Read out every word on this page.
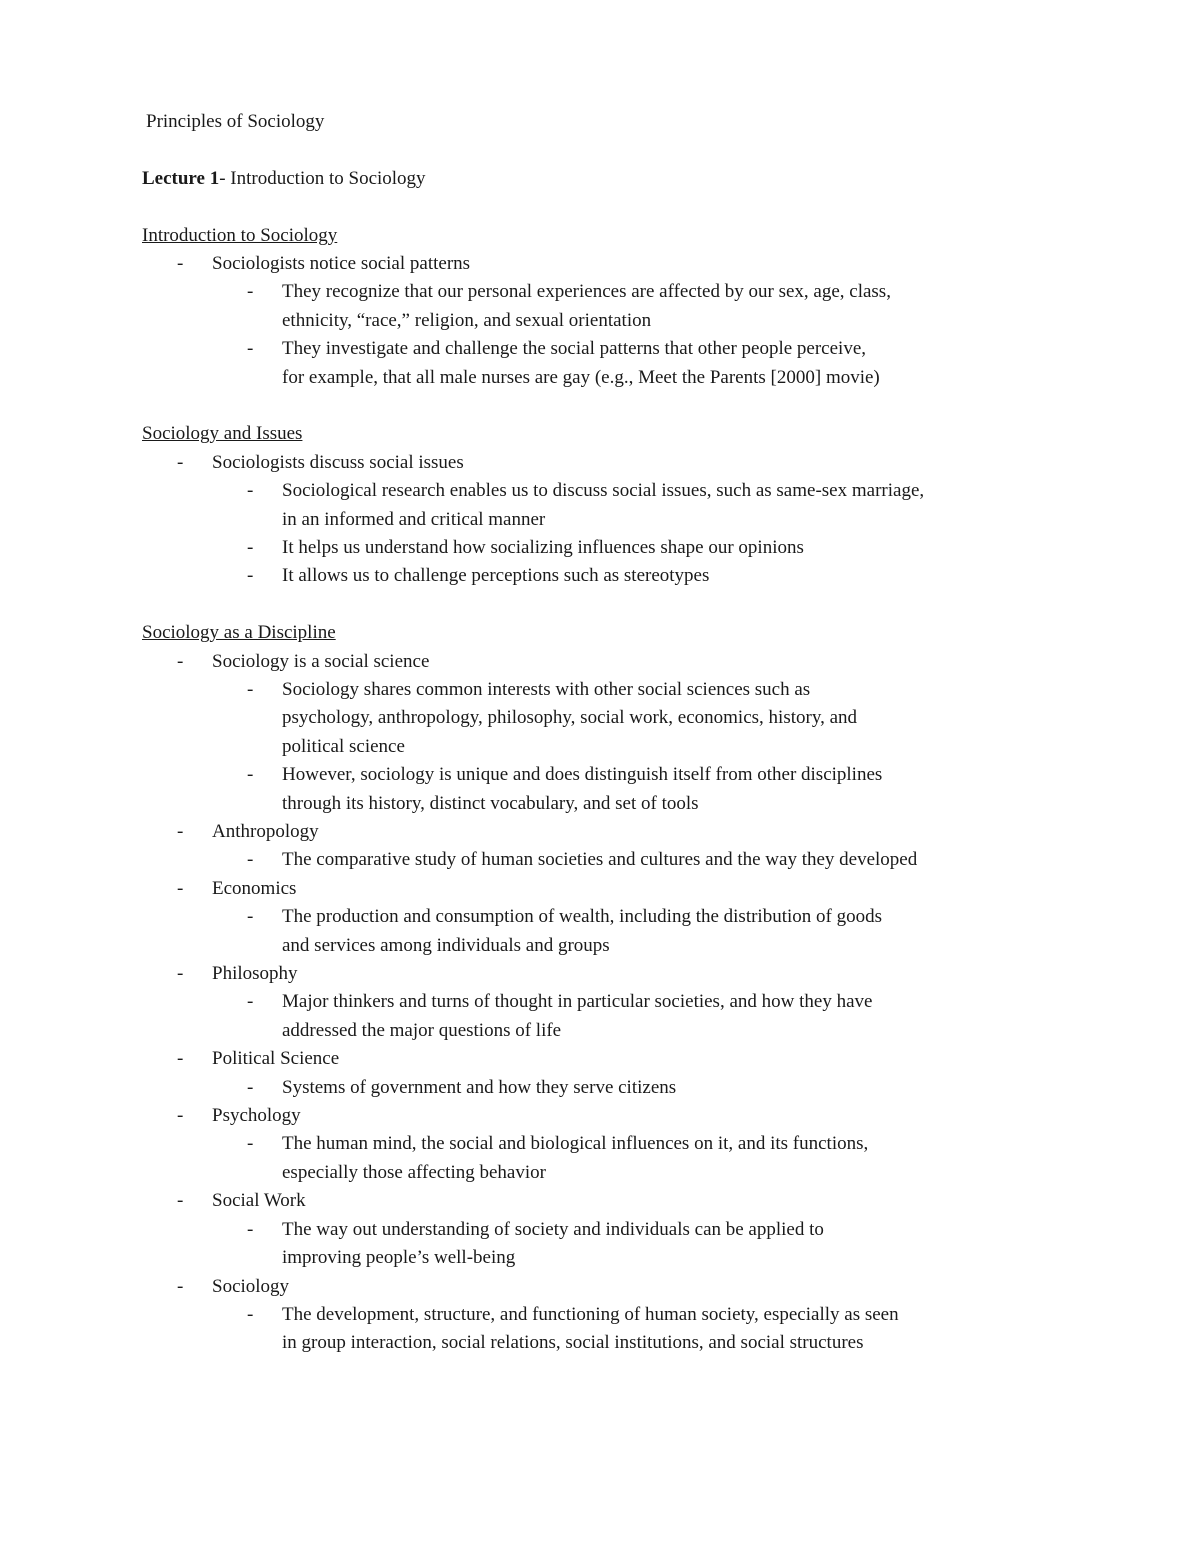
Principles of Sociology

Lecture 1- Introduction to Sociology

Introduction to Sociology
- Sociologists notice social patterns
- They recognize that our personal experiences are affected by our sex, age, class,
ethnicity, “race,” religion, and sexual orientation
- They investigate and challenge the social patterns that other people perceive,
for example, that all male nurses are gay (e.g., Meet the Parents [2000] movie)
Sociology and Issues
- Sociologists discuss social issues
- Sociological research enables us to discuss social issues, such as same-sex marriage,
in an informed and critical manner
- It helps us understand how socializing influences shape our opinions
- It allows us to challenge perceptions such as stereotypes
Sociology as a Discipline
- Sociology is a social science
- Sociology shares common interests with other social sciences such as
psychology, anthropology, philosophy, social work, economics, history, and
political science
- However, sociology is unique and does distinguish itself from other disciplines
through its history, distinct vocabulary, and set of tools
- Anthropology
- The comparative study of human societies and cultures and the way they developed
- Economics
- The production and consumption of wealth, including the distribution of goods
and services among individuals and groups
- Philosophy
- Major thinkers and turns of thought in particular societies, and how they have
addressed the major questions of life
- Political Science
- Systems of government and how they serve citizens
- Psychology
- The human mind, the social and biological influences on it, and its functions,
especially those affecting behavior
- Social Work
- The way out understanding of society and individuals can be applied to
improving people’s well-being
- Sociology
- The development, structure, and functioning of human society, especially as seen
in group interaction, social relations, social institutions, and social structures
